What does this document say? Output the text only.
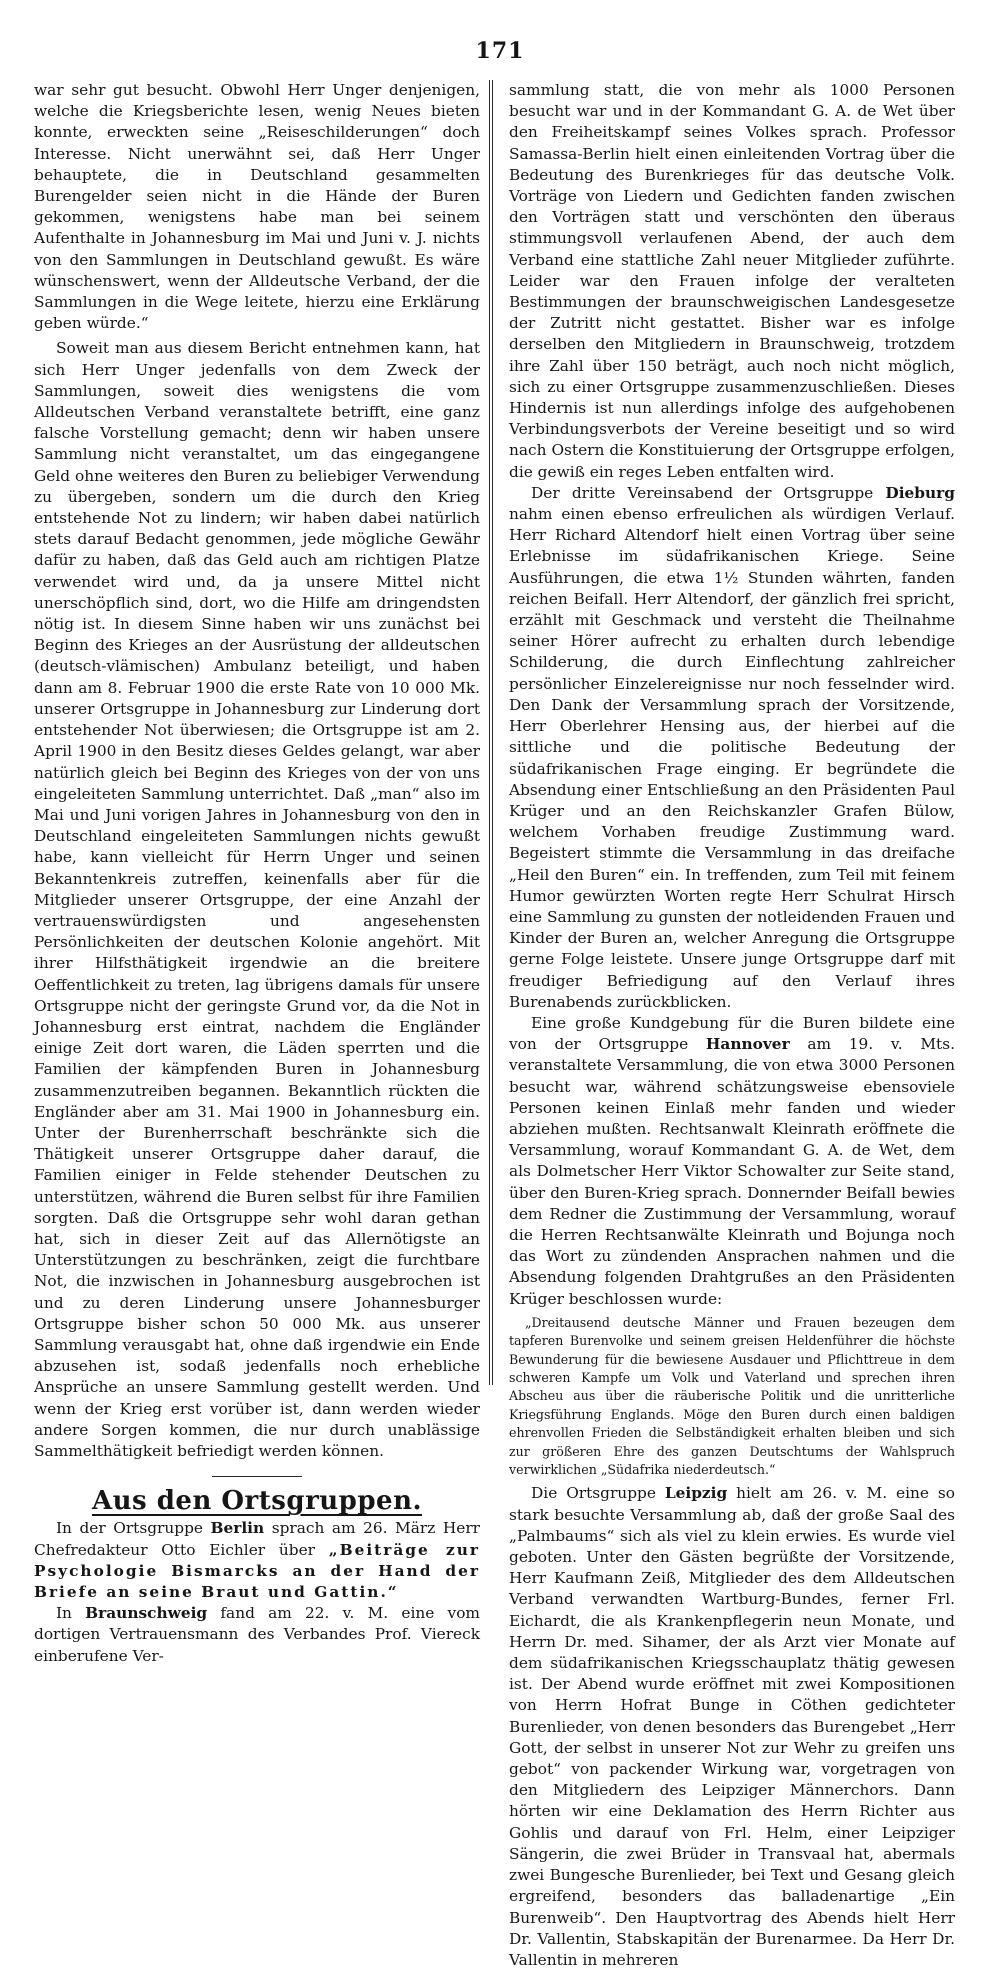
171

war sehr gut besucht. Obwohl Herr Unger denjenigen, welche die Kriegsberichte lesen, wenig Neues bieten konnte, erweckten seine „Reiseschilderungen“ doch Interesse. Nicht unerwähnt sei, daß Herr Unger behauptete, die in Deutschland gesammelten Burengelder seien nicht in die Hände der Buren gekommen, wenigstens habe man bei seinem Aufenthalte in Johannesburg im Mai und Juni v. J. nichts von den Sammlungen in Deutschland gewußt. Es wäre wünschenswert, wenn der Alldeutsche Verband, der die Sammlungen in die Wege leitete, hierzu eine Erklärung geben würde.“

Soweit man aus diesem Bericht entnehmen kann, hat sich Herr Unger jedenfalls von dem Zweck der Sammlungen, soweit dies wenigstens die vom Alldeutschen Verband veranstaltete betrifft, eine ganz falsche Vorstellung gemacht; denn wir haben unsere Sammlung nicht veranstaltet, um das eingegangene Geld ohne weiteres den Buren zu beliebiger Verwendung zu übergeben, sondern um die durch den Krieg entstehende Not zu lindern; wir haben dabei natürlich stets darauf Bedacht genommen, jede mögliche Gewähr dafür zu haben, daß das Geld auch am richtigen Platze verwendet wird und, da ja unsere Mittel nicht unerschöpflich sind, dort, wo die Hilfe am dringendsten nötig ist. In diesem Sinne haben wir uns zunächst bei Beginn des Krieges an der Ausrüstung der alldeutschen (deutsch-vlämischen) Ambulanz beteiligt, und haben dann am 8. Februar 1900 die erste Rate von 10 000 Mk. unserer Ortsgruppe in Johannesburg zur Linderung dort entstehender Not überwiesen; die Ortsgruppe ist am 2. April 1900 in den Besitz dieses Geldes gelangt, war aber natürlich gleich bei Beginn des Krieges von der von uns eingeleiteten Sammlung unterrichtet. Daß „man“ also im Mai und Juni vorigen Jahres in Johannesburg von den in Deutschland eingeleiteten Sammlungen nichts gewußt habe, kann vielleicht für Herrn Unger und seinen Bekanntenkreis zutreffen, keinenfalls aber für die Mitglieder unserer Ortsgruppe, der eine Anzahl der vertrauenswürdigsten und angesehensten Persönlichkeiten der deutschen Kolonie angehört. Mit ihrer Hilfsthätigkeit irgendwie an die breitere Oeffentlichkeit zu treten, lag übrigens damals für unsere Ortsgruppe nicht der geringste Grund vor, da die Not in Johannesburg erst eintrat, nachdem die Engländer einige Zeit dort waren, die Läden sperrten und die Familien der kämpfenden Buren in Johannesburg zusammenzutreiben begannen. Bekanntlich rückten die Engländer aber am 31. Mai 1900 in Johannesburg ein. Unter der Burenherrschaft beschränkte sich die Thätigkeit unserer Ortsgruppe daher darauf, die Familien einiger in Felde stehender Deutschen zu unterstützen, während die Buren selbst für ihre Familien sorgten. Daß die Ortsgruppe sehr wohl daran gethan hat, sich in dieser Zeit auf das Allernötigste an Unterstützungen zu beschränken, zeigt die furchtbare Not, die inzwischen in Johannesburg ausgebrochen ist und zu deren Linderung unsere Johannesburger Ortsgruppe bisher schon 50 000 Mk. aus unserer Sammlung verausgabt hat, ohne daß irgendwie ein Ende abzusehen ist, sodaß jedenfalls noch erhebliche Ansprüche an unsere Sammlung gestellt werden. Und wenn der Krieg erst vorüber ist, dann werden wieder andere Sorgen kommen, die nur durch unablässige Sammelthätigkeit befriedigt werden können.

Aus den Ortsgruppen.

In der Ortsgruppe Berlin sprach am 26. März Herr Chefredakteur Otto Eichler über „Beiträge zur Psychologie Bismarcks an der Hand der Briefe an seine Braut und Gattin.“

In Braunschweig fand am 22. v. M. eine vom dortigen Vertrauensmann des Verbandes Prof. Viereck einberufene Ver-

sammlung statt, die von mehr als 1000 Personen besucht war und in der Kommandant G. A. de Wet über den Freiheitskampf seines Volkes sprach. Professor Samassa-Berlin hielt einen einleitenden Vortrag über die Bedeutung des Burenkrieges für das deutsche Volk. Vorträge von Liedern und Gedichten fanden zwischen den Vorträgen statt und verschönten den überaus stimmungsvoll verlaufenen Abend, der auch dem Verband eine stattliche Zahl neuer Mitglieder zuführte. Leider war den Frauen infolge der veralteten Bestimmungen der braunschweigischen Landesgesetze der Zutritt nicht gestattet. Bisher war es infolge derselben den Mitgliedern in Braunschweig, trotzdem ihre Zahl über 150 beträgt, auch noch nicht möglich, sich zu einer Ortsgruppe zusammenzuschließen. Dieses Hindernis ist nun allerdings infolge des aufgehobenen Verbindungsverbots der Vereine beseitigt und so wird nach Ostern die Konstituierung der Ortsgruppe erfolgen, die gewiß ein reges Leben entfalten wird.

Der dritte Vereinsabend der Ortsgruppe Dieburg nahm einen ebenso erfreulichen als würdigen Verlauf. Herr Richard Altendorf hielt einen Vortrag über seine Erlebnisse im südafrikanischen Kriege. Seine Ausführungen, die etwa 1½ Stunden währten, fanden reichen Beifall. Herr Altendorf, der gänzlich frei spricht, erzählt mit Geschmack und versteht die Theilnahme seiner Hörer aufrecht zu erhalten durch lebendige Schilderung, die durch Einflechtung zahlreicher persönlicher Einzelereignisse nur noch fesselnder wird. Den Dank der Versammlung sprach der Vorsitzende, Herr Oberlehrer Hensing aus, der hierbei auf die sittliche und die politische Bedeutung der südafrikanischen Frage einging. Er begründete die Absendung einer Entschließung an den Präsidenten Paul Krüger und an den Reichskanzler Grafen Bülow, welchem Vorhaben freudige Zustimmung ward. Begeistert stimmte die Versammlung in das dreifache „Heil den Buren“ ein. In treffenden, zum Teil mit feinem Humor gewürzten Worten regte Herr Schulrat Hirsch eine Sammlung zu gunsten der notleidenden Frauen und Kinder der Buren an, welcher Anregung die Ortsgruppe gerne Folge leistete. Unsere junge Ortsgruppe darf mit freudiger Befriedigung auf den Verlauf ihres Burenabends zurückblicken.

Eine große Kundgebung für die Buren bildete eine von der Ortsgruppe Hannover am 19. v. Mts. veranstaltete Versammlung, die von etwa 3000 Personen besucht war, während schätzungsweise ebensoviele Personen keinen Einlaß mehr fanden und wieder abziehen mußten. Rechtsanwalt Kleinrath eröffnete die Versammlung, worauf Kommandant G. A. de Wet, dem als Dolmetscher Herr Viktor Schowalter zur Seite stand, über den Buren-Krieg sprach. Donnernder Beifall bewies dem Redner die Zustimmung der Versammlung, worauf die Herren Rechtsanwälte Kleinrath und Bojunga noch das Wort zu zündenden Ansprachen nahmen und die Absendung folgenden Drahtgrußes an den Präsidenten Krüger beschlossen wurde:

„Dreitausend deutsche Männer und Frauen bezeugen dem tapferen Burenvolke und seinem greisen Heldenführer die höchste Bewunderung für die bewiesene Ausdauer und Pflichttreue in dem schweren Kampfe um Volk und Vaterland und sprechen ihren Abscheu aus über die räuberische Politik und die unritterliche Kriegsführung Englands. Möge den Buren durch einen baldigen ehrenvollen Frieden die Selbständigkeit erhalten bleiben und sich zur größeren Ehre des ganzen Deutschtums der Wahlspruch verwirklichen „Südafrika niederdeutsch.“

Die Ortsgruppe Leipzig hielt am 26. v. M. eine so stark besuchte Versammlung ab, daß der große Saal des „Palmbaums“ sich als viel zu klein erwies. Es wurde viel geboten. Unter den Gästen begrüßte der Vorsitzende, Herr Kaufmann Zeiß, Mitglieder des dem Alldeutschen Verband verwandten Wartburg-Bundes, ferner Frl. Eichardt, die als Krankenpflegerin neun Monate, und Herrn Dr. med. Sihamer, der als Arzt vier Monate auf dem südafrikanischen Kriegsschauplatz thätig gewesen ist. Der Abend wurde eröffnet mit zwei Kompositionen von Herrn Hofrat Bunge in Cöthen gedichteter Burenlieder, von denen besonders das Burengebet „Herr Gott, der selbst in unserer Not zur Wehr zu greifen uns gebot“ von packender Wirkung war, vorgetragen von den Mitgliedern des Leipziger Männerchors. Dann hörten wir eine Deklamation des Herrn Richter aus Gohlis und darauf von Frl. Helm, einer Leipziger Sängerin, die zwei Brüder in Transvaal hat, abermals zwei Bungesche Burenlieder, bei Text und Gesang gleich ergreifend, besonders das balladenartige „Ein Burenweib“. Den Hauptvortrag des Abends hielt Herr Dr. Vallentin, Stabskapitän der Burenarmee. Da Herr Dr. Vallentin in mehreren
